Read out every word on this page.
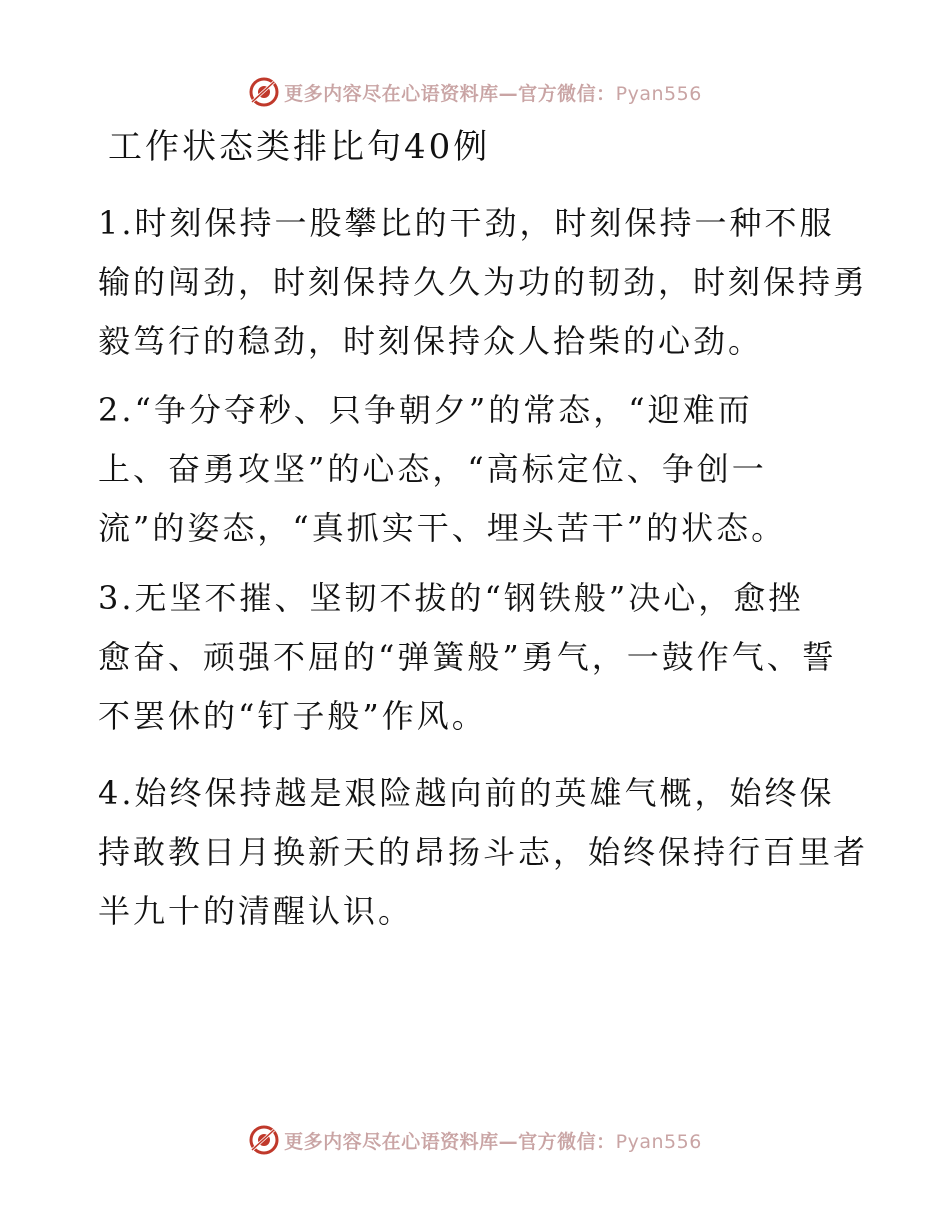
更多内容尽在心语资料库—官方微信：Pyan556
工作状态类排比句40例

1.时刻保持一股攀比的干劲，时刻保持一种不服
输的闯劲，时刻保持久久为功的韧劲，时刻保持勇
毅笃行的稳劲，时刻保持众人拾柴的心劲。

2.“争分夺秒、只争朝夕”的常态，“迎难而
上、奋勇攻坚”的心态，“高标定位、争创一
流”的姿态，“真抓实干、埋头苦干”的状态。

3.无坚不摧、坚韧不拔的“钢铁般”决心，愈挫
愈奋、顽强不屈的“弹簧般”勇气，一鼓作气、誓
不罢休的“钉子般”作风。

4.始终保持越是艰险越向前的英雄气概，始终保
持敢教日月换新天的昂扬斗志，始终保持行百里者
半九十的清醒认识。

更多内容尽在心语资料库—官方微信：Pyan556
